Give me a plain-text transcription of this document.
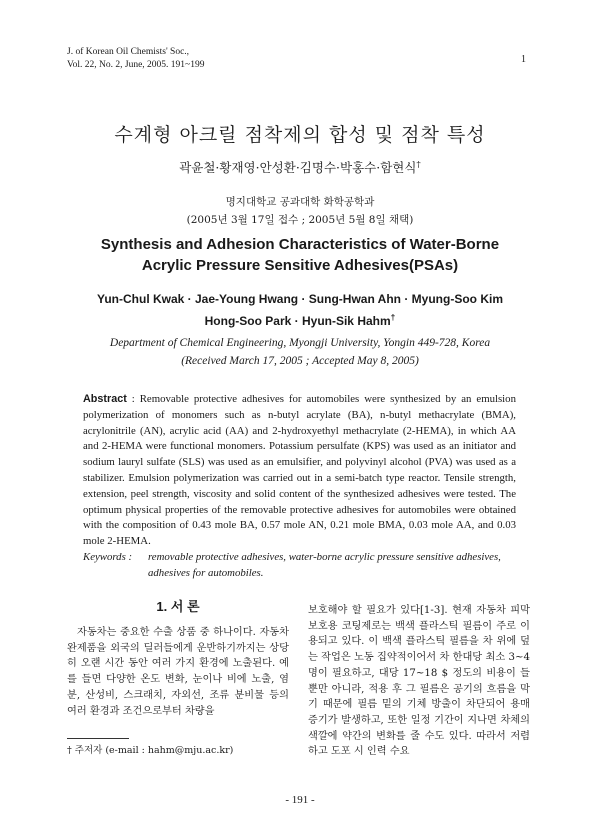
J. of Korean Oil Chemists' Soc.,
Vol. 22, No. 2, June, 2005. 191~199	1
수계형 아크릴 점착제의 합성 및 점착 특성
곽윤철·황재영·안성환·김명수·박홍수·함현식†
명지대학교 공과대학 화학공학과
(2005년 3월 17일 접수 ; 2005년 5월 8일 채택)
Synthesis and Adhesion Characteristics of Water-Borne
Acrylic Pressure Sensitive Adhesives(PSAs)
Yun-Chul Kwak · Jae-Young Hwang · Sung-Hwan Ahn · Myung-Soo Kim
Hong-Soo Park · Hyun-Sik Hahm†
Department of Chemical Engineering, Myongji University, Yongin 449-728, Korea
(Received March 17, 2005 ; Accepted May 8, 2005)
Abstract : Removable protective adhesives for automobiles were synthesized by an emulsion polymerization of monomers such as n-butyl acrylate (BA), n-butyl methacrylate (BMA), acrylonitrile (AN), acrylic acid (AA) and 2-hydroxyethyl methacrylate (2-HEMA), in which AA and 2-HEMA were functional monomers. Potassium persulfate (KPS) was used as an initiator and sodium lauryl sulfate (SLS) was used as an emulsifier, and polyvinyl alcohol (PVA) was used as a stabilizer. Emulsion polymerization was carried out in a semi-batch type reactor. Tensile strength, extension, peel strength, viscosity and solid content of the synthesized adhesives were tested. The optimum physical properties of the removable protective adhesives for automobiles were obtained with the composition of 0.43 mole BA, 0.57 mole AN, 0.21 mole BMA, 0.03 mole AA, and 0.03 mole 2-HEMA.
Keywords : removable protective adhesives, water-borne acrylic pressure sensitive adhesives, adhesives for automobiles.
1. 서 론

자동차는 중요한 수출 상품 중 하나이다. 자동차 완제품을 외국의 딜러들에게 운반하기까지는 상당히 오랜 시간 동안 여러 가지 환경에 노출된다. 예를 들면 다양한 온도 변화, 눈이나 비에 노출, 염분, 산성비, 스크래치, 자외선, 조류 분비물 등의 여러 환경과 조건으로부터 차량을

보호해야 할 필요가 있다[1-3]. 현재 자동차 피막 보호용 코팅제로는 백색 플라스틱 필름이 주로 이용되고 있다. 이 백색 플라스틱 필름을 차 위에 덮는 작업은 노동 집약적이어서 차 한대당 최소 3~4명이 필요하고, 대당 17~18 $ 정도의 비용이 들 뿐만 아니라, 적용 후 그 필름은 공기의 흐름을 막기 때문에 필름 밑의 기체 방출이 차단되어 용매 증기가 발생하고, 또한 일정 기간이 지나면 차체의 색깔에 약간의 변화를 줄 수도 있다. 따라서 저렴하고 도포 시 인력 수요

† 주저자 (e-mail : hahm@mju.ac.kr)
- 191 -
